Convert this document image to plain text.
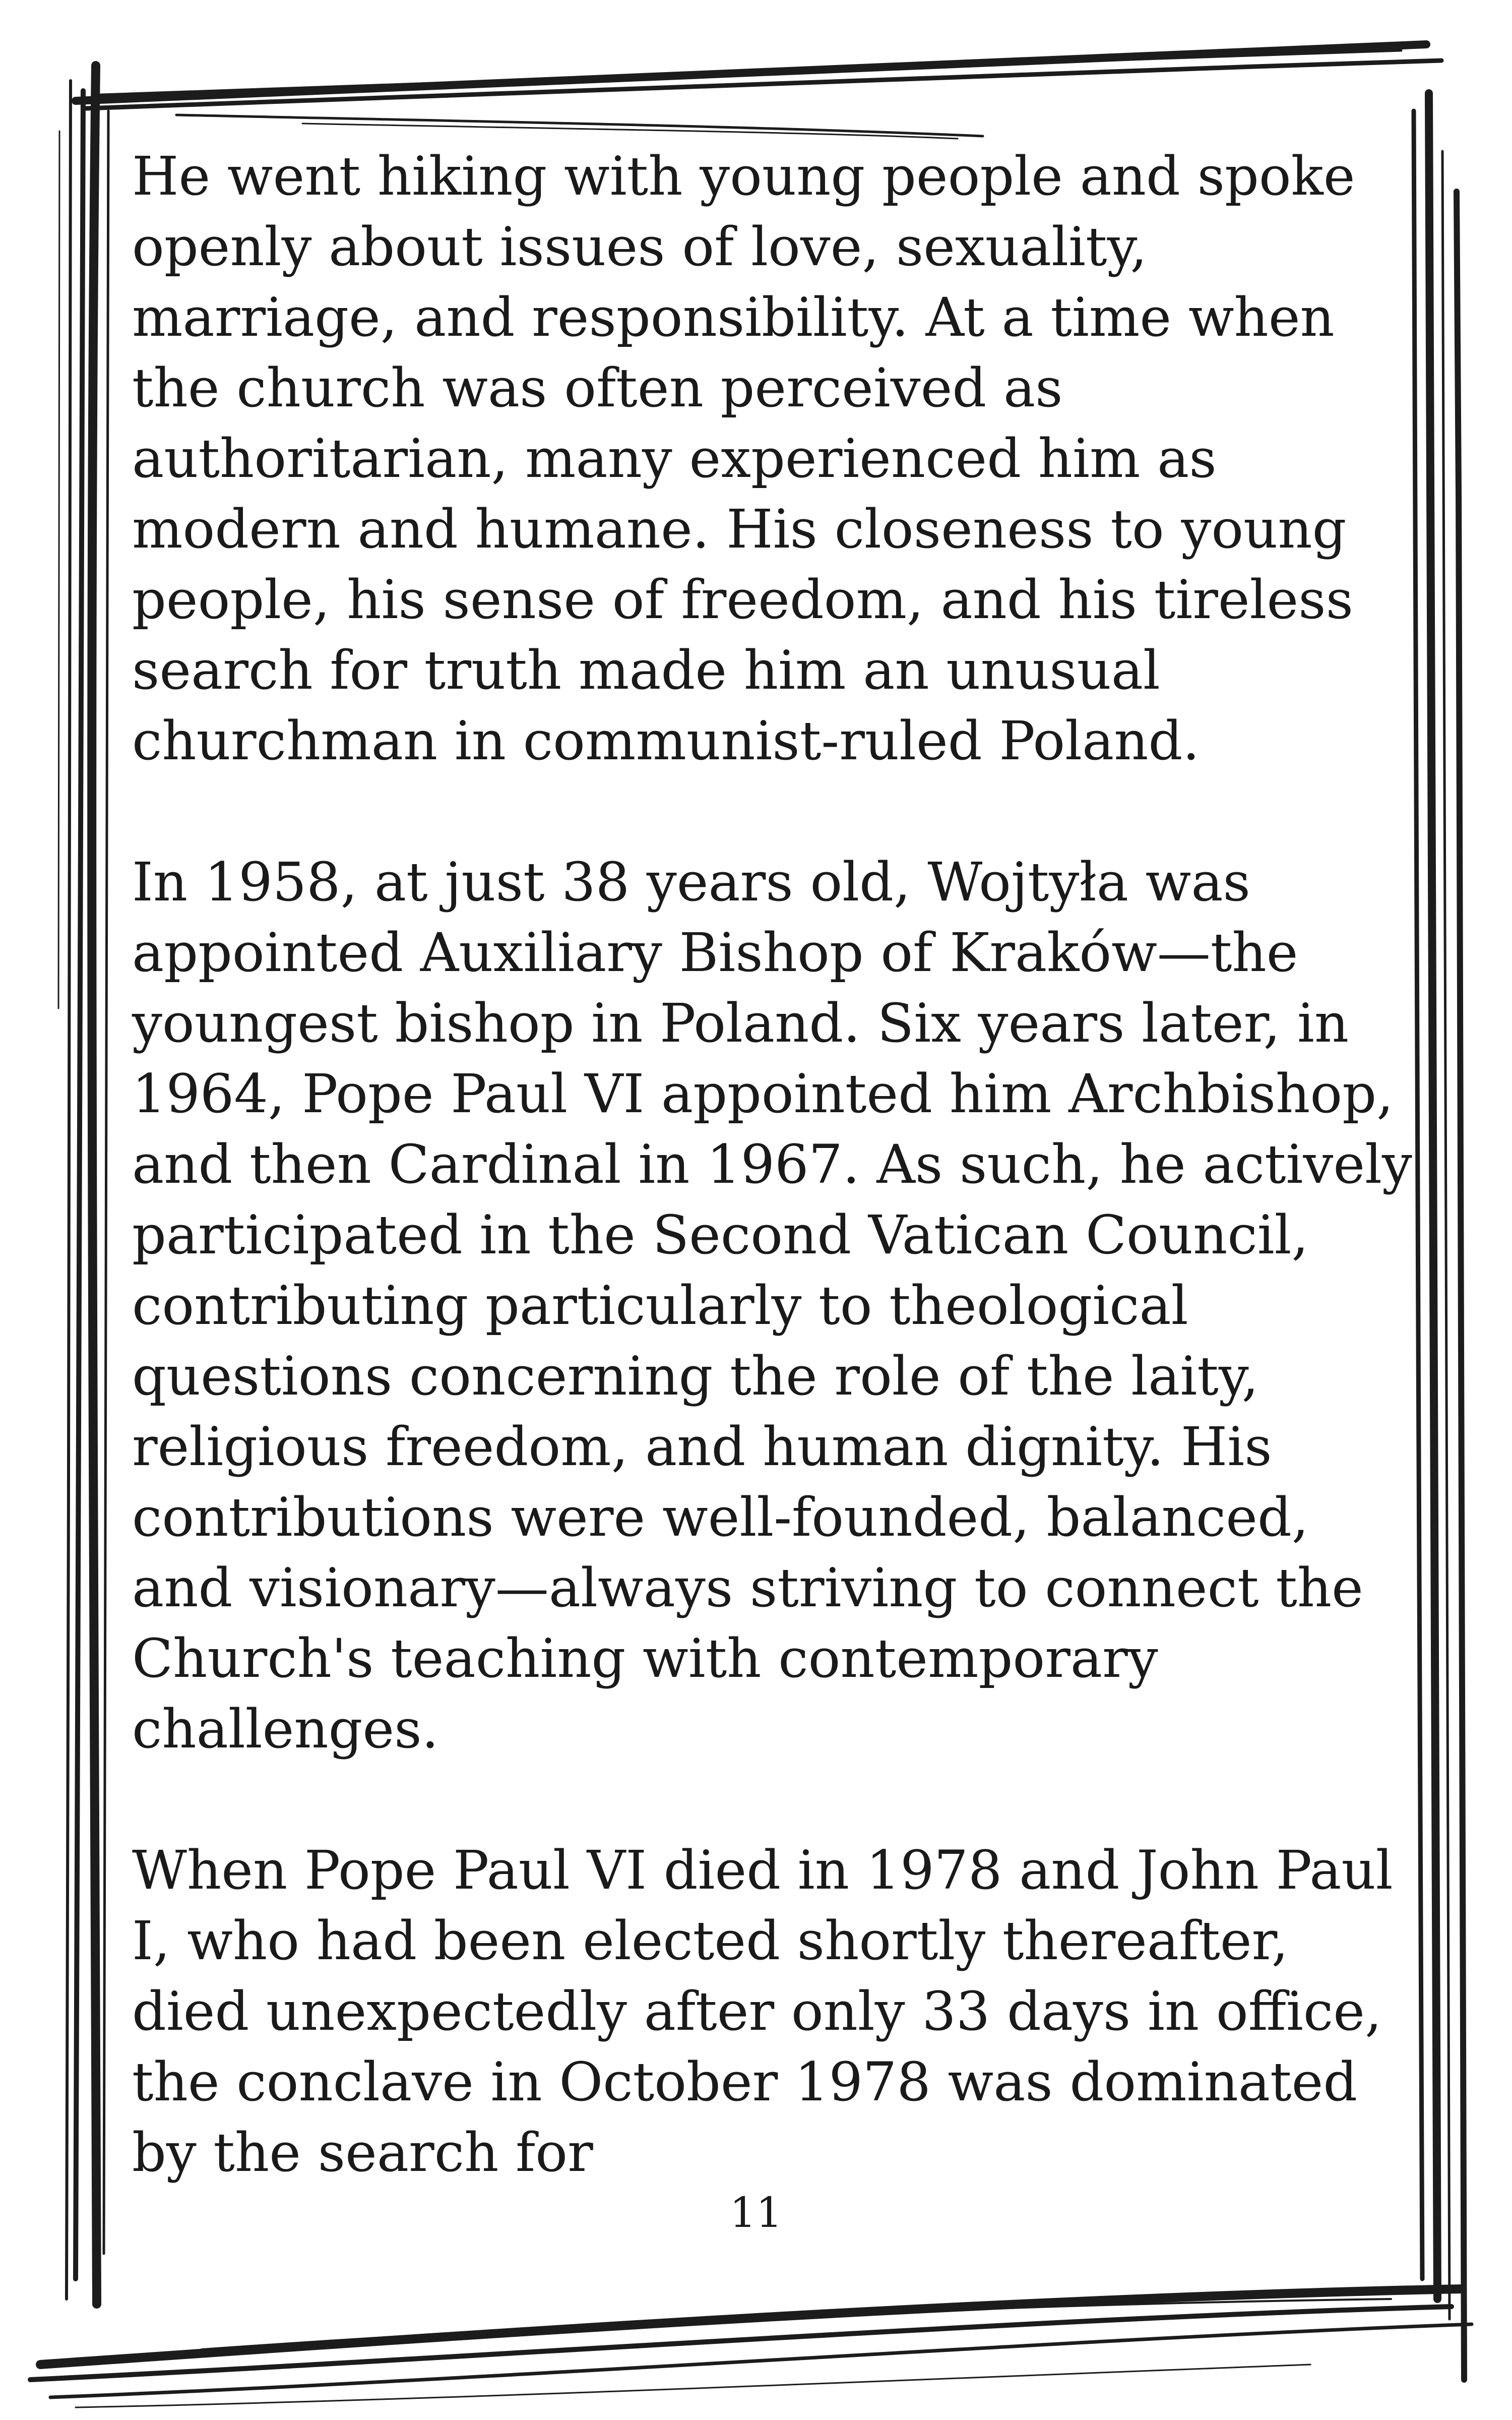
He went hiking with young people and spoke openly about issues of love, sexuality, marriage, and responsibility. At a time when the church was often perceived as authoritarian, many experienced him as modern and humane. His closeness to young people, his sense of freedom, and his tireless search for truth made him an unusual churchman in communist-ruled Poland.

In 1958, at just 38 years old, Wojtyła was appointed Auxiliary Bishop of Kraków—the youngest bishop in Poland. Six years later, in 1964, Pope Paul VI appointed him Archbishop, and then Cardinal in 1967. As such, he actively participated in the Second Vatican Council, contributing particularly to theological questions concerning the role of the laity, religious freedom, and human dignity. His contributions were well-founded, balanced, and visionary—always striving to connect the Church's teaching with contemporary challenges.

When Pope Paul VI died in 1978 and John Paul I, who had been elected shortly thereafter, died unexpectedly after only 33 days in office, the conclave in October 1978 was dominated by the search for

11
